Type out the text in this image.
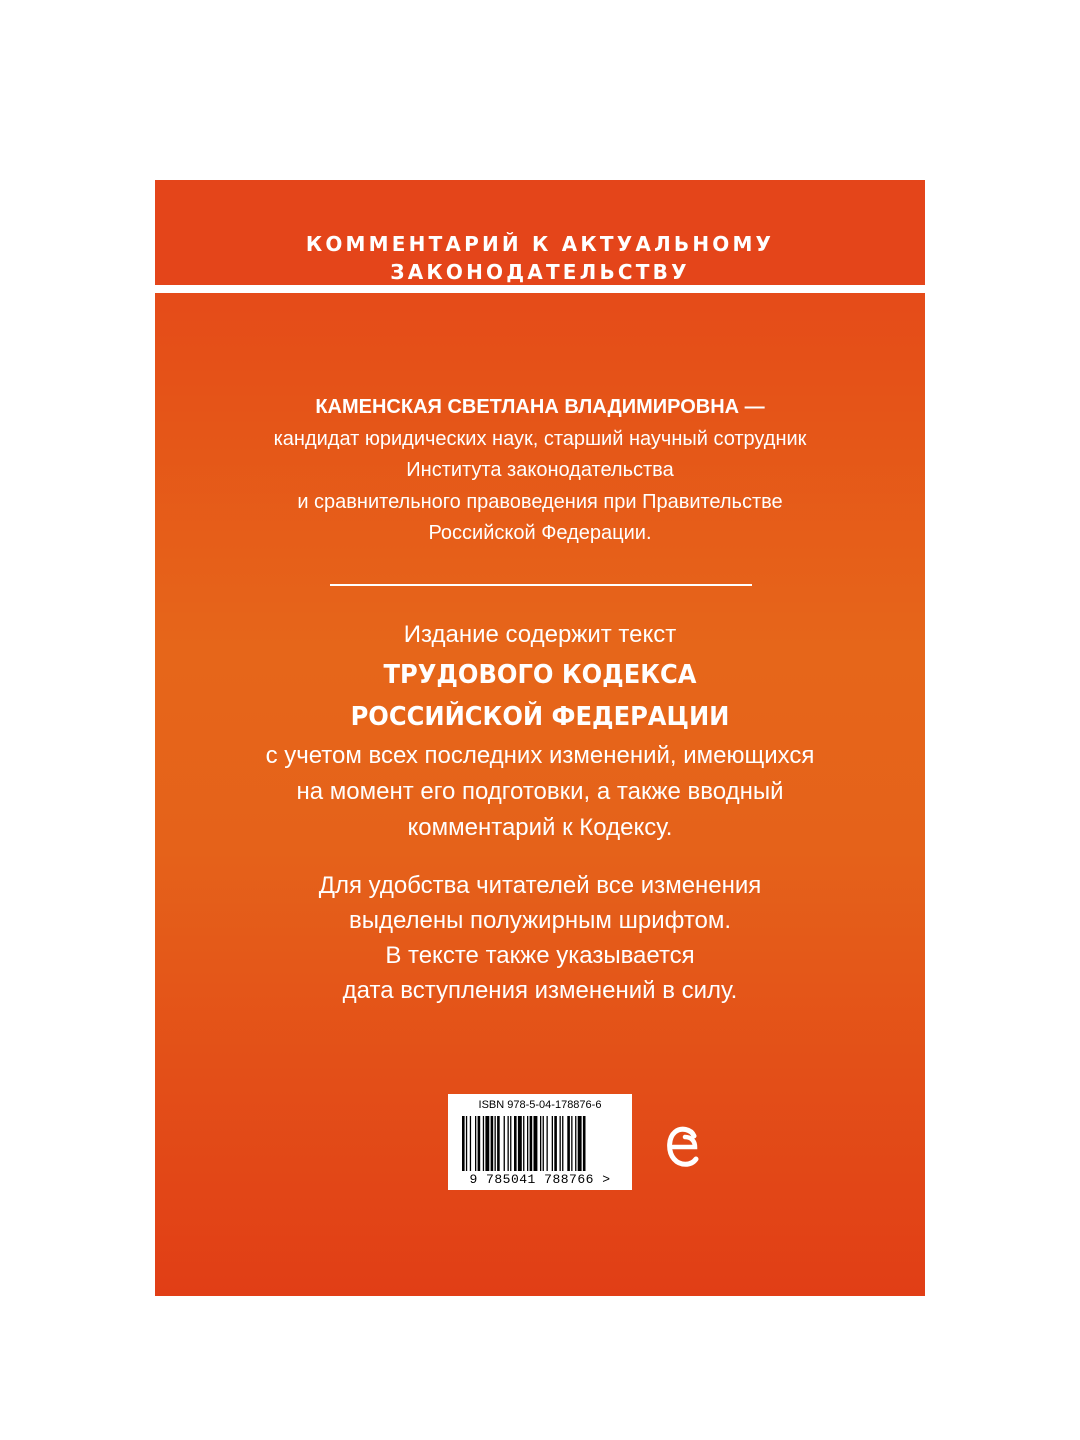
КОММЕНТАРИЙ К АКТУАЛЬНОМУ ЗАКОНОДАТЕЛЬСТВУ
КАМЕНСКАЯ СВЕТЛАНА ВЛАДИМИРОВНА —
кандидат юридических наук, старший научный сотрудник
Института законодательства
и сравнительного правоведения при Правительстве
Российской Федерации.
Издание содержит текст
ТРУДОВОГО КОДЕКСА
РОССИЙСКОЙ ФЕДЕРАЦИИ
с учетом всех последних изменений, имеющихся
на момент его подготовки, а также вводный
комментарий к Кодексу.
Для удобства читателей все изменения
выделены полужирным шрифтом.
В тексте также указывается
дата вступления изменений в силу.
ISBN 978-5-04-178876-6
9 785041 788766 >
